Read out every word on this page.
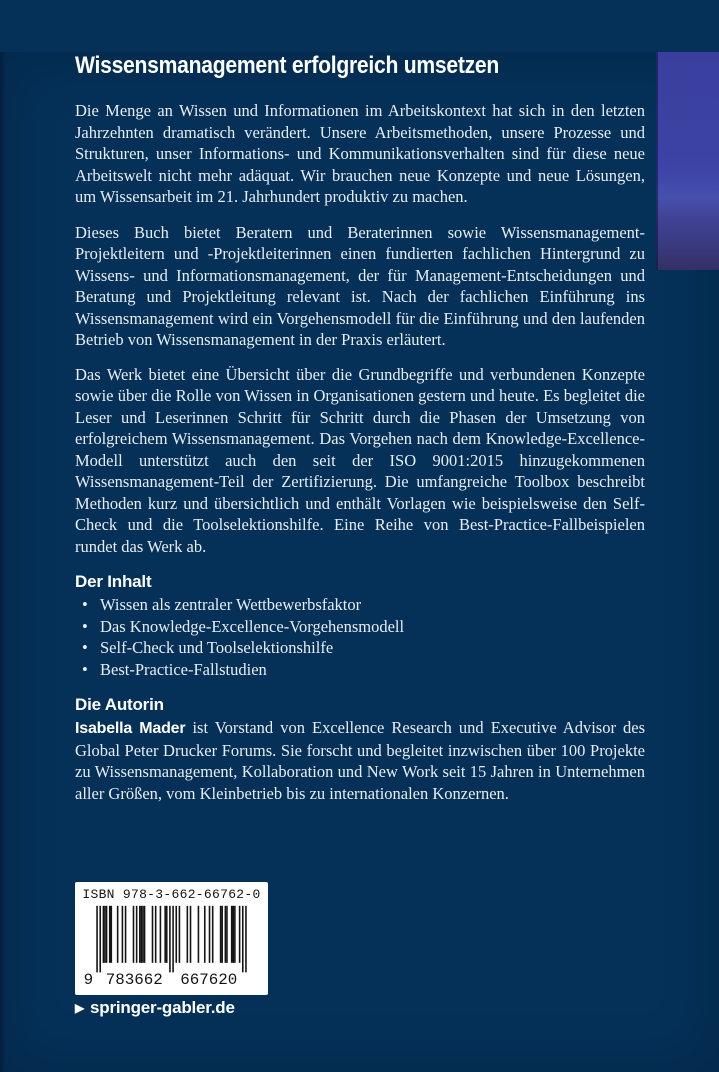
Wissensmanagement erfolgreich umsetzen

Die Menge an Wissen und Informationen im Arbeitskontext hat sich in den letzten Jahrzehnten dramatisch verändert. Unsere Arbeitsmethoden, unsere Prozesse und Strukturen, unser Informations- und Kommunikationsverhalten sind für diese neue Arbeitswelt nicht mehr adäquat. Wir brauchen neue Konzepte und neue Lösungen, um Wissensarbeit im 21. Jahrhundert produktiv zu machen.

Dieses Buch bietet Beratern und Beraterinnen sowie Wissensmanagement-Projektleitern und -Projektleiterinnen einen fundierten fachlichen Hintergrund zu Wissens- und Informationsmanagement, der für Management-Entscheidungen und Beratung und Projektleitung relevant ist. Nach der fachlichen Einführung ins Wissensmanagement wird ein Vorgehensmodell für die Einführung und den laufenden Betrieb von Wissensmanagement in der Praxis erläutert.

Das Werk bietet eine Übersicht über die Grundbegriffe und verbundenen Konzepte sowie über die Rolle von Wissen in Organisationen gestern und heute. Es begleitet die Leser und Leserinnen Schritt für Schritt durch die Phasen der Umsetzung von erfolgreichem Wissensmanagement. Das Vorgehen nach dem Knowledge-Excellence-Modell unterstützt auch den seit der ISO 9001:2015 hinzugekommenen Wissensmanagement-Teil der Zertifizierung. Die umfangreiche Toolbox beschreibt Methoden kurz und übersichtlich und enthält Vorlagen wie beispielsweise den Self-Check und die Toolselektionshilfe. Eine Reihe von Best-Practice-Fallbeispielen rundet das Werk ab.

Der Inhalt
• Wissen als zentraler Wettbewerbsfaktor
• Das Knowledge-Excellence-Vorgehensmodell
• Self-Check und Toolselektionshilfe
• Best-Practice-Fallstudien
Die Autorin

Isabella Mader ist Vorstand von Excellence Research und Executive Advisor des Global Peter Drucker Forums. Sie forscht und begleitet inzwischen über 100 Projekte zu Wissensmanagement, Kollaboration und New Work seit 15 Jahren in Unternehmen aller Größen, vom Kleinbetrieb bis zu internationalen Konzernen.

ISBN 978-3-662-66762-0
9 783662 667620
▶ springer-gabler.de
